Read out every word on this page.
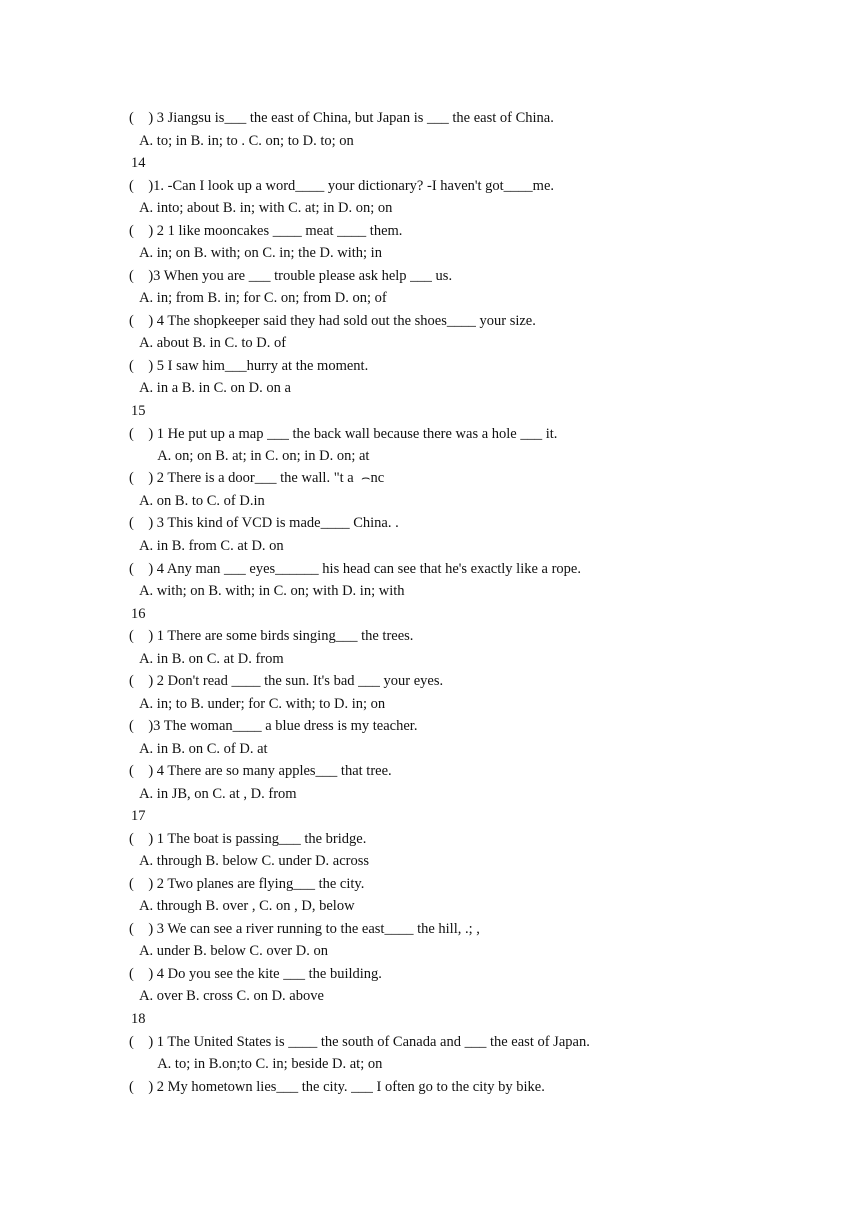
(    ) 3 Jiangsu is___ the east of China, but Japan is ___ the east of China.
A. to; in B. in; to . C. on; to D. to; on
14
(    )1. -Can I look up a word____ your dictionary? -I haven't got____me.
A. into; about B. in; with C. at; in D. on; on
(    ) 2 1 like mooncakes ____ meat ____ them.
A. in; on B. with; on C. in; the D. with; in
(    )3 When you are ___ trouble please ask help ___ us.
A. in; from B. in; for C. on; from D. on; of
(    ) 4 The shopkeeper said they had sold out the shoes____ your size.
A. about B. in C. to D. of
(    ) 5 I saw him___hurry at the moment.
A. in a B. in C. on D. on a
15
(    ) 1 He put up a map ___ the back wall because there was a hole ___ it.
A. on; on B. at; in C. on; in D. on; at
(    ) 2 There is a door___ the wall. "t a  ⌢nc
A. on B. to C. of D.in
(    ) 3 This kind of VCD is made____ China. .
A. in B. from C. at D. on
(    ) 4 Any man ___ eyes______ his head can see that he's exactly like a rope.
A. with; on B. with; in C. on; with D. in; with
16
(    ) 1 There are some birds singing___ the trees.
A. in B. on C. at D. from
(    ) 2 Don't read ____ the sun. It's bad ___ your eyes.
A. in; to B. under; for C. with; to D. in; on
(    )3 The woman____ a blue dress is my teacher.
A. in B. on C. of D. at
(    ) 4 There are so many apples___ that tree.
A. in JB, on C. at , D. from
17
(    ) 1 The boat is passing___ the bridge.
A. through B. below C. under D. across
(    ) 2 Two planes are flying___ the city.
A. through B. over , C. on , D, below
(    ) 3 We can see a river running to the east____ the hill, .; ,
A. under B. below C. over D. on
(    ) 4 Do you see the kite ___ the building.
A. over B. cross C. on D. above
18
(    ) 1 The United States is ____ the south of Canada and ___ the east of Japan.
A. to; in B.on;to C. in; beside D. at; on
(    ) 2 My hometown lies___ the city. ___ I often go to the city by bike.
